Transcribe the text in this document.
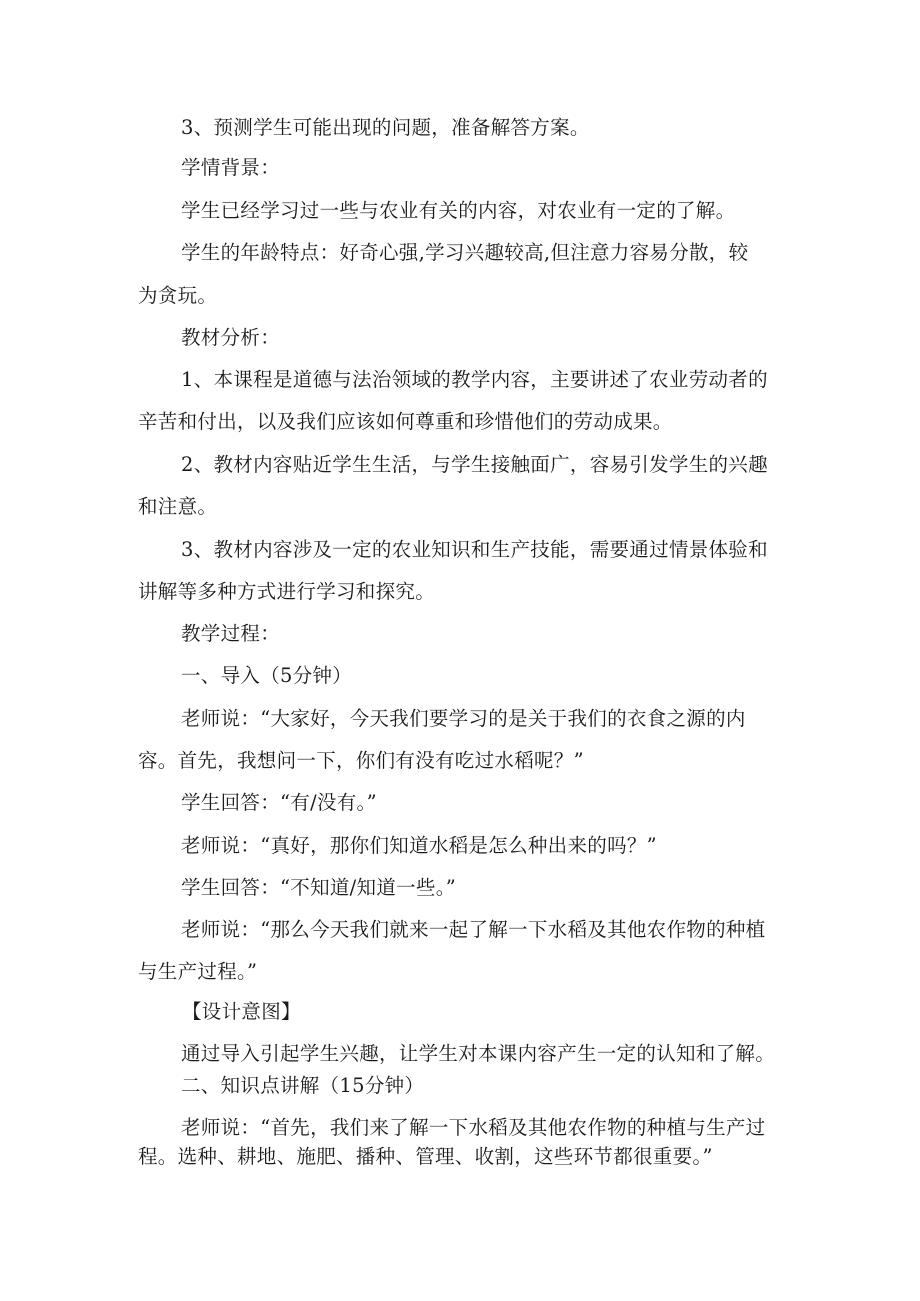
3、预测学生可能出现的问题，准备解答方案。
学情背景：
学生已经学习过一些与农业有关的内容，对农业有一定的了解。
学生的年龄特点：好奇心强,学习兴趣较高,但注意力容易分散，较
为贪玩。
教材分析：
1、本课程是道德与法治领域的教学内容，主要讲述了农业劳动者的
辛苦和付出，以及我们应该如何尊重和珍惜他们的劳动成果。
2、教材内容贴近学生生活，与学生接触面广，容易引发学生的兴趣
和注意。
3、教材内容涉及一定的农业知识和生产技能，需要通过情景体验和
讲解等多种方式进行学习和探究。
教学过程：
一、导入（5分钟）
老师说：“大家好，今天我们要学习的是关于我们的衣食之源的内
容。首先，我想问一下，你们有没有吃过水稻呢？”
学生回答：“有/没有。”
老师说：“真好，那你们知道水稻是怎么种出来的吗？”
学生回答：“不知道/知道一些。”
老师说：“那么今天我们就来一起了解一下水稻及其他农作物的种植
与生产过程。”
【设计意图】
通过导入引起学生兴趣，让学生对本课内容产生一定的认知和了解。
二、知识点讲解（15分钟）
老师说：“首先，我们来了解一下水稻及其他农作物的种植与生产过
程。选种、耕地、施肥、播种、管理、收割，这些环节都很重要。”
